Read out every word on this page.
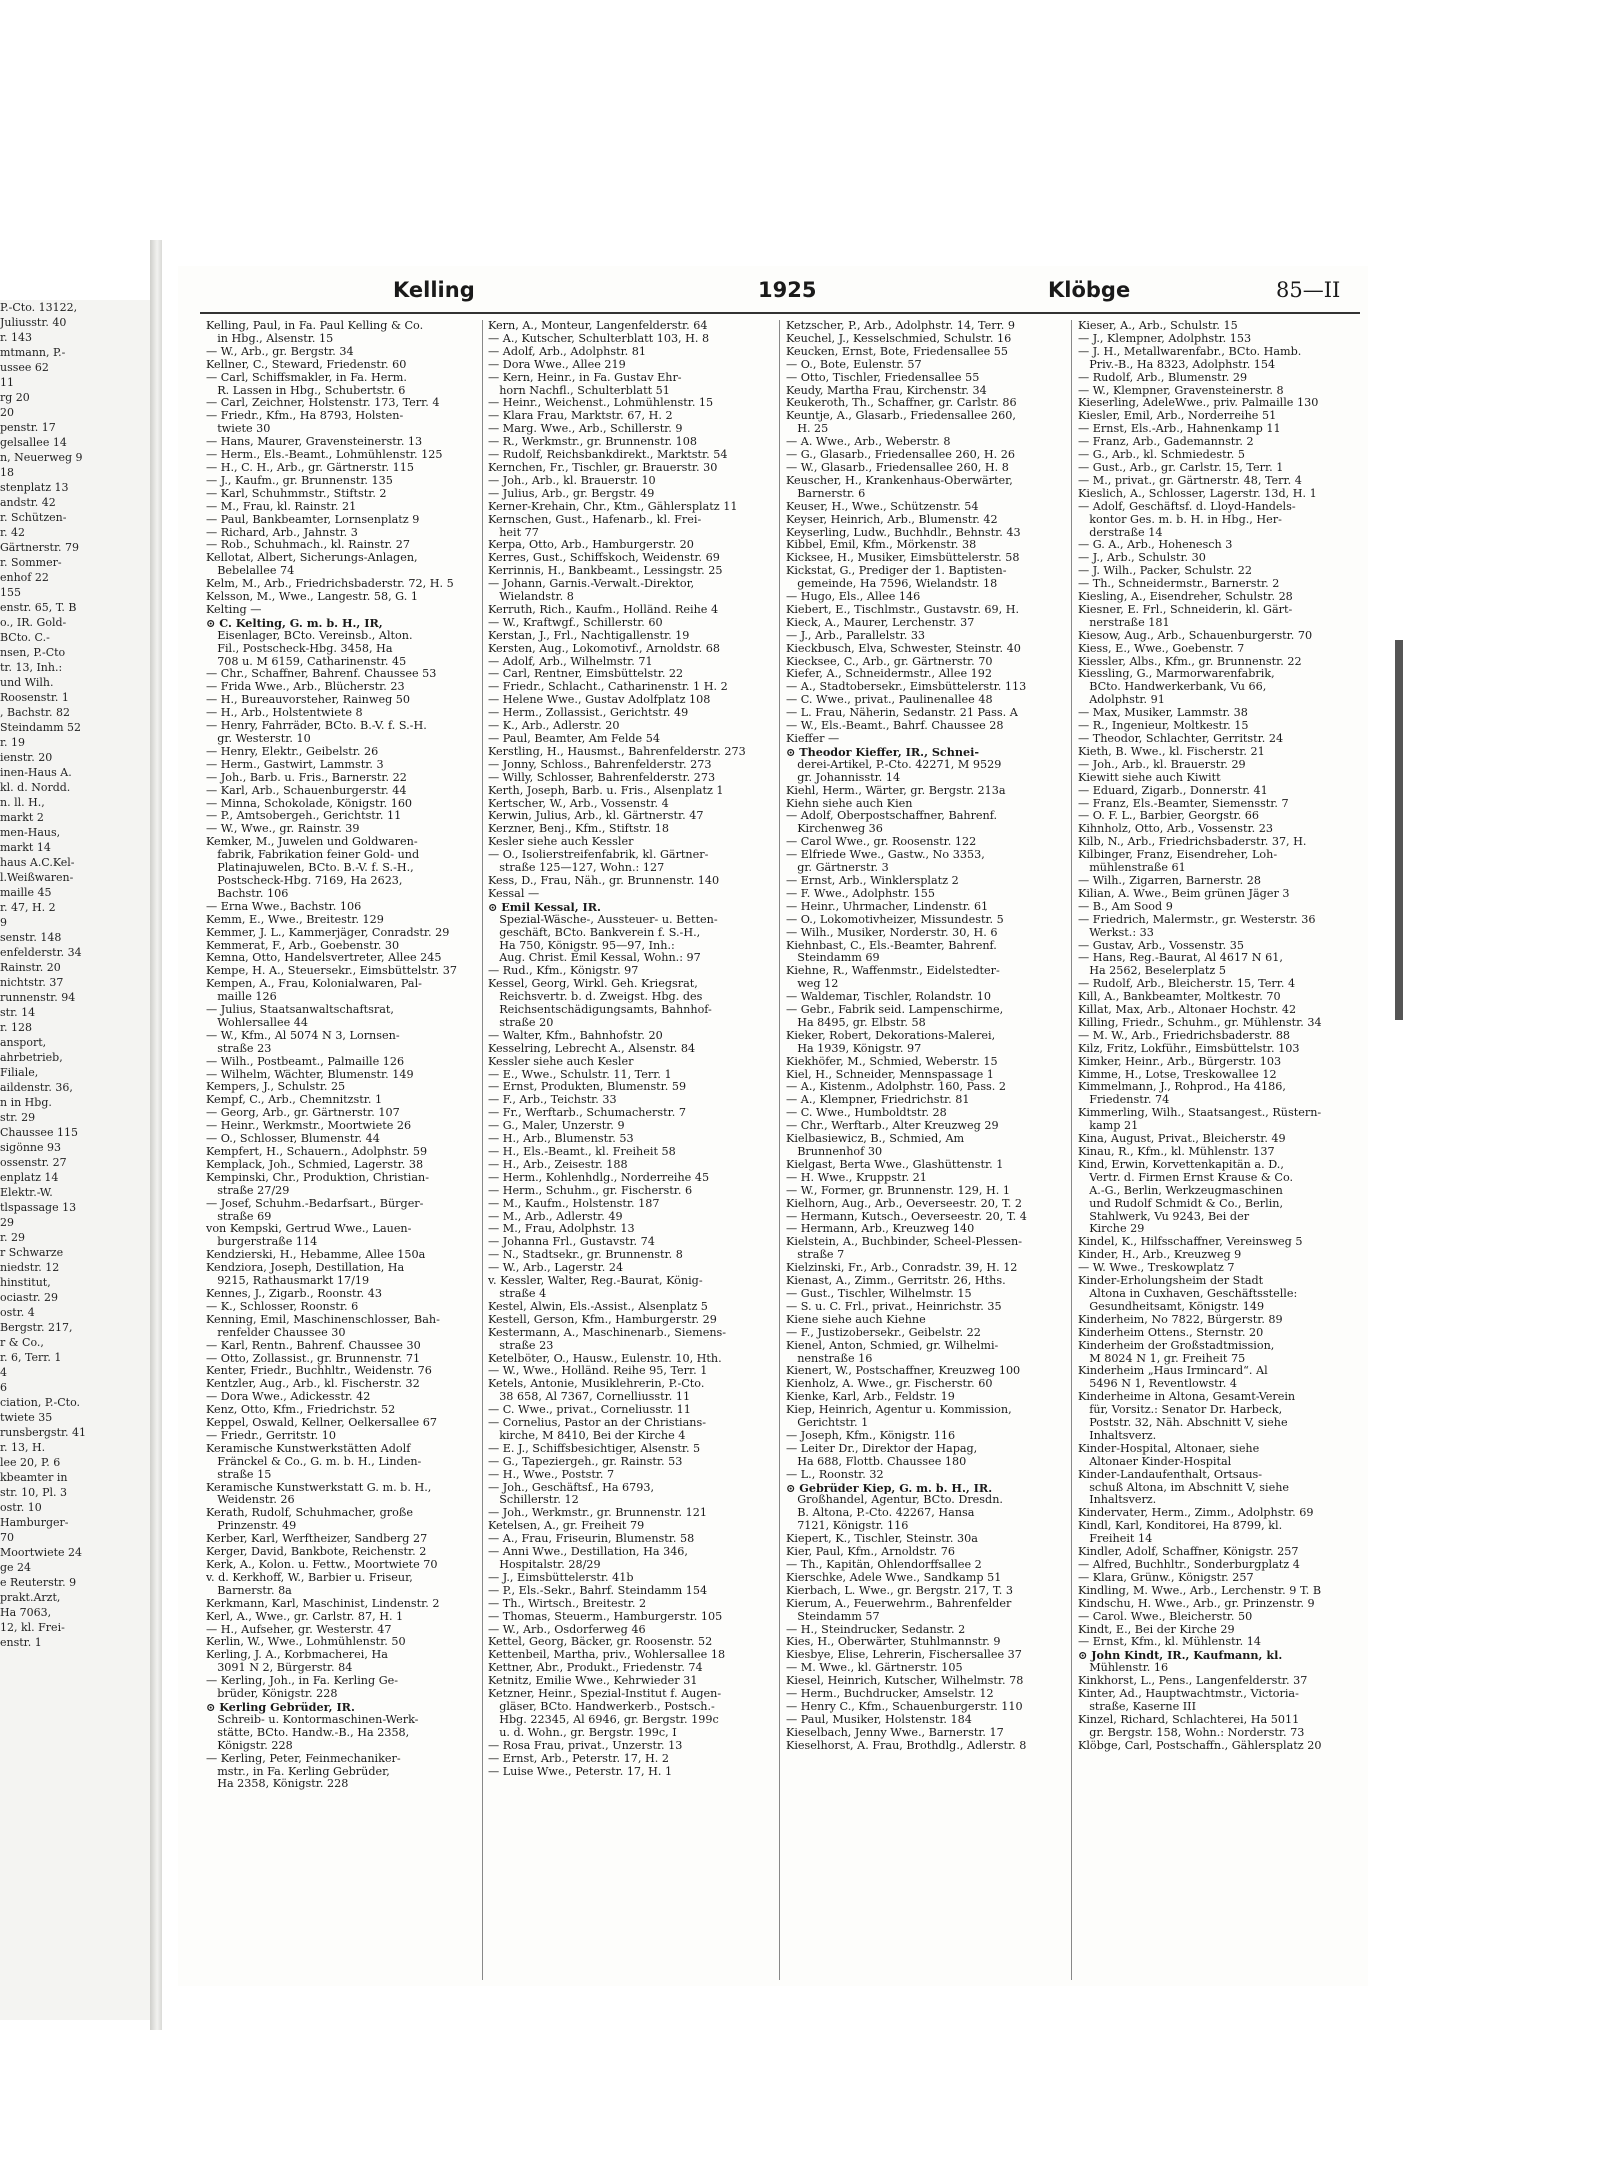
P.-Cto. 13122,
Juliusstr. 40
r. 143
mtmann, P.-
ussee 62
11
rg 20
20
penstr. 17
gelsallee 14
n, Neuerweg 9
18
stenplatz 13
andstr. 42
r. Schützen-
r. 42
Gärtnerstr. 79
r. Sommer-
enhof 22
155
enstr. 65, T. B
o., IR. Gold-
BCto. C.-
nsen, P.-Cto
tr. 13, Inh.:
und Wilh.
Roosenstr. 1
, Bachstr. 82
Steindamm 52
r. 19
ienstr. 20
inen-Haus A.
kl. d. Nordd.
n. ll. H.,
markt 2
men-Haus,
markt 14
haus A.C.Kel-
l.Weißwaren-
maille 45
r. 47, H. 2
9
senstr. 148
enfelderstr. 34
Rainstr. 20
nichtstr. 37
runnenstr. 94
str. 14
r. 128
ansport,
ahrbetrieb,
Filiale,
aildenstr. 36,
n in Hbg.
str. 29
Chaussee 115
sigönne 93
ossenstr. 27
enplatz 14
Elektr.-W.
tlspassage 13
29
r. 29
r Schwarze
niedstr. 12
hinstitut,
ociastr. 29
ostr. 4
Bergstr. 217,
r & Co.,
r. 6, Terr. 1
4
6
ciation, P.-Cto.
twiete 35
runsbergstr. 41
r. 13, H.
lee 20, P. 6
kbeamter in
str. 10, Pl. 3
ostr. 10
Hamburger-
70
Moortwiete 24
ge 24
e Reuterstr. 9
prakt.Arzt,
Ha 7063,
12, kl. Frei-
enstr. 1
Kelling	1925	Klöbge	85—II
Kelling, Paul, in Fa. Paul Kelling & Co.
 in Hbg., Alsenstr. 15
— W., Arb., gr. Bergstr. 34
Kellner, C., Steward, Friedenstr. 60
— Carl, Schiffsmakler, in Fa. Herm.
 R. Lassen in Hbg., Schubertstr. 6
— Carl, Zeichner, Holstenstr. 173, Terr. 4
— Friedr., Kfm., Ha 8793, Holsten-
 twiete 30
— Hans, Maurer, Gravensteinerstr. 13
— Herm., Els.-Beamt., Lohmühlenstr. 125
— H., C. H., Arb., gr. Gärtnerstr. 115
— J., Kaufm., gr. Brunnenstr. 135
— Karl, Schuhmmstr., Stiftstr. 2
— M., Frau, kl. Rainstr. 21
— Paul, Bankbeamter, Lornsenplatz 9
— Richard, Arb., Jahnstr. 3
— Rob., Schuhmach., kl. Rainstr. 27
Kellotat, Albert, Sicherungs-Anlagen,
 Bebelallee 74
Kelm, M., Arb., Friedrichsbaderstr. 72, H. 5
Kelsson, M., Wwe., Langestr. 58, G. 1
Kelting —
⊙ C. Kelting, G. m. b. H., IR,
 Eisenlager, BCto. Vereinsb., Alton.
 Fil., Postscheck-Hbg. 3458, Ha
 708 u. M 6159, Catharinenstr. 45
— Chr., Schaffner, Bahrenf. Chaussee 53
— Frida Wwe., Arb., Blücherstr. 23
— H., Bureauvorsteher, Rainweg 50
— H., Arb., Holstentwiete 8
— Henry, Fahrräder, BCto. B.-V. f. S.-H.
 gr. Westerstr. 10
— Henry, Elektr., Geibelstr. 26
— Herm., Gastwirt, Lammstr. 3
— Joh., Barb. u. Fris., Barnerstr. 22
— Karl, Arb., Schauenburgerstr. 44
— Minna, Schokolade, Königstr. 160
— P., Amtsobergeh., Gerichtstr. 11
— W., Wwe., gr. Rainstr. 39
Kemker, M., Juwelen und Goldwaren-
 fabrik, Fabrikation feiner Gold- und
 Platinajuwelen, BCto. B.-V. f. S.-H.,
 Postscheck-Hbg. 7169, Ha 2623,
 Bachstr. 106
— Erna Wwe., Bachstr. 106
Kemm, E., Wwe., Breitestr. 129
Kemmer, J. L., Kammerjäger, Conradstr. 29
Kemmerat, F., Arb., Goebenstr. 30
Kemna, Otto, Handelsvertreter, Allee 245
Kempe, H. A., Steuersekr., Eimsbüttelstr. 37
Kempen, A., Frau, Kolonialwaren, Pal-
 maille 126
— Julius, Staatsanwaltschaftsrat,
 Wohlersallee 44
— W., Kfm., Al 5074 N 3, Lornsen-
 straße 23
— Wilh., Postbeamt., Palmaille 126
— Wilhelm, Wächter, Blumenstr. 149
Kempers, J., Schulstr. 25
Kempf, C., Arb., Chemnitzstr. 1
— Georg, Arb., gr. Gärtnerstr. 107
— Heinr., Werkmstr., Moortwiete 26
— O., Schlosser, Blumenstr. 44
Kempfert, H., Schauern., Adolphstr. 59
Kemplack, Joh., Schmied, Lagerstr. 38
Kempinski, Chr., Produktion, Christian-
 straße 27/29
— Josef, Schuhm.-Bedarfsart., Bürger-
 straße 69
von Kempski, Gertrud Wwe., Lauen-
 burgerstraße 114
Kendzierski, H., Hebamme, Allee 150a
Kendziora, Joseph, Destillation, Ha
 9215, Rathausmarkt 17/19
Kennes, J., Zigarb., Roonstr. 43
— K., Schlosser, Roonstr. 6
Kenning, Emil, Maschinenschlosser, Bah-
 renfelder Chaussee 30
— Karl, Rentn., Bahrenf. Chaussee 30
— Otto, Zollassist., gr. Brunnenstr. 71
Kenter, Friedr., Buchhltr., Weidenstr. 76
Kentzler, Aug., Arb., kl. Fischerstr. 32
— Dora Wwe., Adickesstr. 42
Kenz, Otto, Kfm., Friedrichstr. 52
Keppel, Oswald, Kellner, Oelkersallee 67
— Friedr., Gerritstr. 10
Keramische Kunstwerkstätten Adolf
 Fränckel & Co., G. m. b. H., Linden-
 straße 15
Keramische Kunstwerkstatt G. m. b. H.,
 Weidenstr. 26
Kerath, Rudolf, Schuhmacher, große
 Prinzenstr. 49
Kerber, Karl, Werftheizer, Sandberg 27
Kerger, David, Bankbote, Reichenstr. 2
Kerk, A., Kolon. u. Fettw., Moortwiete 70
v. d. Kerkhoff, W., Barbier u. Friseur,
 Barnerstr. 8a
Kerkmann, Karl, Maschinist, Lindenstr. 2
Kerl, A., Wwe., gr. Carlstr. 87, H. 1
— H., Aufseher, gr. Westerstr. 47
Kerlin, W., Wwe., Lohmühlenstr. 50
Kerling, J. A., Korbmacherei, Ha
 3091 N 2, Bürgerstr. 84
— Kerling, Joh., in Fa. Kerling Ge-
 brüder, Königstr. 228
⊙ Kerling Gebrüder, IR.
 Schreib- u. Kontormaschinen-Werk-
 stätte, BCto. Handw.-B., Ha 2358,
 Königstr. 228
— Kerling, Peter, Feinmechaniker-
 mstr., in Fa. Kerling Gebrüder,
 Ha 2358, Königstr. 228
Kern, A., Monteur, Langenfelderstr. 64
— A., Kutscher, Schulterblatt 103, H. 8
— Adolf, Arb., Adolphstr. 81
— Dora Wwe., Allee 219
— Kern, Heinr., in Fa. Gustav Ehr-
 horn Nachfl., Schulterblatt 51
— Heinr., Weichenst., Lohmühlenstr. 15
— Klara Frau, Marktstr. 67, H. 2
— Marg. Wwe., Arb., Schillerstr. 9
— R., Werkmstr., gr. Brunnenstr. 108
— Rudolf, Reichsbankdirekt., Marktstr. 54
Kernchen, Fr., Tischler, gr. Brauerstr. 30
— Joh., Arb., kl. Brauerstr. 10
— Julius, Arb., gr. Bergstr. 49
Kerner-Krehain, Chr., Ktm., Gählersplatz 11
Kernschen, Gust., Hafenarb., kl. Frei-
 heit 77
Kerpa, Otto, Arb., Hamburgerstr. 20
Kerres, Gust., Schiffskoch, Weidenstr. 69
Kerrinnis, H., Bankbeamt., Lessingstr. 25
— Johann, Garnis.-Verwalt.-Direktor,
 Wielandstr. 8
Kerruth, Rich., Kaufm., Holländ. Reihe 4
— W., Kraftwgf., Schillerstr. 60
Kerstan, J., Frl., Nachtigallenstr. 19
Kersten, Aug., Lokomotivf., Arnoldstr. 68
— Adolf, Arb., Wilhelmstr. 71
— Carl, Rentner, Eimsbüttelstr. 22
— Friedr., Schlacht., Catharinenstr. 1 H. 2
— Helene Wwe., Gustav Adolfplatz 108
— Herm., Zollassist., Gerichtstr. 49
— K., Arb., Adlerstr. 20
— Paul, Beamter, Am Felde 54
Kerstling, H., Hausmst., Bahrenfelderstr. 273
— Jonny, Schloss., Bahrenfelderstr. 273
— Willy, Schlosser, Bahrenfelderstr. 273
Kerth, Joseph, Barb. u. Fris., Alsenplatz 1
Kertscher, W., Arb., Vossenstr. 4
Kerwin, Julius, Arb., kl. Gärtnerstr. 47
Kerzner, Benj., Kfm., Stiftstr. 18
Kesler siehe auch Kessler
— O., Isolierstreifenfabrik, kl. Gärtner-
 straße 125—127, Wohn.: 127
Kess, D., Frau, Näh., gr. Brunnenstr. 140
Kessal —
⊙ Emil Kessal, IR.
 Spezial-Wäsche-, Aussteuer- u. Betten-
 geschäft, BCto. Bankverein f. S.-H.,
 Ha 750, Königstr. 95—97, Inh.:
 Aug. Christ. Emil Kessal, Wohn.: 97
— Rud., Kfm., Königstr. 97
Kessel, Georg, Wirkl. Geh. Kriegsrat,
 Reichsvertr. b. d. Zweigst. Hbg. des
 Reichsentschädigungsamts, Bahnhof-
 straße 20
— Walter, Kfm., Bahnhofstr. 20
Kesselring, Lebrecht A., Alsenstr. 84
Kessler siehe auch Kesler
— E., Wwe., Schulstr. 11, Terr. 1
— Ernst, Produkten, Blumenstr. 59
— F., Arb., Teichstr. 33
— Fr., Werftarb., Schumacherstr. 7
— G., Maler, Unzerstr. 9
— H., Arb., Blumenstr. 53
— H., Els.-Beamt., kl. Freiheit 58
— H., Arb., Zeisestr. 188
— Herm., Kohlenhdlg., Norderreihe 45
— Herm., Schuhm., gr. Fischerstr. 6
— M., Kaufm., Holstenstr. 187
— M., Arb., Adlerstr. 49
— M., Frau, Adolphstr. 13
— Johanna Frl., Gustavstr. 74
— N., Stadtsekr., gr. Brunnenstr. 8
— W., Arb., Lagerstr. 24
v. Kessler, Walter, Reg.-Baurat, König-
 straße 4
Kestel, Alwin, Els.-Assist., Alsenplatz 5
Kestell, Gerson, Kfm., Hamburgerstr. 29
Kestermann, A., Maschinenarb., Siemens-
 straße 23
Ketelböter, O., Hausw., Eulenstr. 10, Hth.
— W., Wwe., Holländ. Reihe 95, Terr. 1
Ketels, Antonie, Musiklehrerin, P.-Cto.
 38 658, Al 7367, Cornelliusstr. 11
— C. Wwe., privat., Corneliusstr. 11
— Cornelius, Pastor an der Christians-
 kirche, M 8410, Bei der Kirche 4
— E. J., Schiffsbesichtiger, Alsenstr. 5
— G., Tapeziergeh., gr. Rainstr. 53
— H., Wwe., Poststr. 7
— Joh., Geschäftsf., Ha 6793,
 Schillerstr. 12
— Joh., Werkmstr., gr. Brunnenstr. 121
Ketelsen, A., gr. Freiheit 79
— A., Frau, Friseurin, Blumenstr. 58
— Anni Wwe., Destillation, Ha 346,
 Hospitalstr. 28/29
— J., Eimsbüttelerstr. 41b
— P., Els.-Sekr., Bahrf. Steindamm 154
— Th., Wirtsch., Breitestr. 2
— Thomas, Steuerm., Hamburgerstr. 105
— W., Arb., Osdorferweg 46
Kettel, Georg, Bäcker, gr. Roosenstr. 52
Kettenbeil, Martha, priv., Wohlersallee 18
Kettner, Abr., Produkt., Friedenstr. 74
Ketnitz, Emilie Wwe., Kehrwieder 31
Ketzner, Heinr., Spezial-Institut f. Augen-
 gläser, BCto. Handwerkerb., Postsch.-
 Hbg. 22345, Al 6946, gr. Bergstr. 199c
 u. d. Wohn., gr. Bergstr. 199c, I
— Rosa Frau, privat., Unzerstr. 13
— Ernst, Arb., Peterstr. 17, H. 2
— Luise Wwe., Peterstr. 17, H. 1
Ketzscher, P., Arb., Adolphstr. 14, Terr. 9
Keuchel, J., Kesselschmied, Schulstr. 16
Keucken, Ernst, Bote, Friedensallee 55
— O., Bote, Eulenstr. 57
— Otto, Tischler, Friedensallee 55
Keudy, Martha Frau, Kirchenstr. 34
Keukeroth, Th., Schaffner, gr. Carlstr. 86
Keuntje, A., Glasarb., Friedensallee 260,
 H. 25
— A. Wwe., Arb., Weberstr. 8
— G., Glasarb., Friedensallee 260, H. 26
— W., Glasarb., Friedensallee 260, H. 8
Keuscher, H., Krankenhaus-Oberwärter,
 Barnerstr. 6
Keuser, H., Wwe., Schützenstr. 54
Keyser, Heinrich, Arb., Blumenstr. 42
Keyserling, Ludw., Buchhdlr., Behnstr. 43
Kibbel, Emil, Kfm., Mörkenstr. 38
Kicksee, H., Musiker, Eimsbüttelerstr. 58
Kickstat, G., Prediger der 1. Baptisten-
 gemeinde, Ha 7596, Wielandstr. 18
— Hugo, Els., Allee 146
Kiebert, E., Tischlmstr., Gustavstr. 69, H.
Kieck, A., Maurer, Lerchenstr. 37
— J., Arb., Parallelstr. 33
Kieckbusch, Elva, Schwester, Steinstr. 40
Kiecksee, C., Arb., gr. Gärtnerstr. 70
Kiefer, A., Schneidermstr., Allee 192
— A., Stadtobersekr., Eimsbüttelerstr. 113
— C. Wwe., privat., Paulinenallee 48
— L. Frau, Näherin, Sedanstr. 21 Pass. A
— W., Els.-Beamt., Bahrf. Chaussee 28
Kieffer —
⊙ Theodor Kieffer, IR., Schnei-
 derei-Artikel, P.-Cto. 42271, M 9529
 gr. Johannisstr. 14
Kiehl, Herm., Wärter, gr. Bergstr. 213a
Kiehn siehe auch Kien
— Adolf, Oberpostschaffner, Bahrenf.
 Kirchenweg 36
— Carol Wwe., gr. Roosenstr. 122
— Elfriede Wwe., Gastw., No 3353,
 gr. Gärtnerstr. 3
— Ernst, Arb., Winklersplatz 2
— F. Wwe., Adolphstr. 155
— Heinr., Uhrmacher, Lindenstr. 61
— O., Lokomotivheizer, Missundestr. 5
— Wilh., Musiker, Norderstr. 30, H. 6
Kiehnbast, C., Els.-Beamter, Bahrenf.
 Steindamm 69
Kiehne, R., Waffenmstr., Eidelstedter-
 weg 12
— Waldemar, Tischler, Rolandstr. 10
— Gebr., Fabrik seid. Lampenschirme,
 Ha 8495, gr. Elbstr. 58
Kieker, Robert, Dekorations-Malerei,
 Ha 1939, Königstr. 97
Kiekhöfer, M., Schmied, Weberstr. 15
Kiel, H., Schneider, Mennspassage 1
— A., Kistenm., Adolphstr. 160, Pass. 2
— A., Klempner, Friedrichstr. 81
— C. Wwe., Humboldtstr. 28
— Chr., Werftarb., Alter Kreuzweg 29
Kielbasiewicz, B., Schmied, Am
 Brunnenhof 30
Kielgast, Berta Wwe., Glashüttenstr. 1
— H. Wwe., Kruppstr. 21
— W., Former, gr. Brunnenstr. 129, H. 1
Kielhorn, Aug., Arb., Oeverseestr. 20, T. 2
— Hermann, Kutsch., Oeverseestr. 20, T. 4
— Hermann, Arb., Kreuzweg 140
Kielstein, A., Buchbinder, Scheel-Plessen-
 straße 7
Kielzinski, Fr., Arb., Conradstr. 39, H. 12
Kienast, A., Zimm., Gerritstr. 26, Hths.
— Gust., Tischler, Wilhelmstr. 15
— S. u. C. Frl., privat., Heinrichstr. 35
Kiene siehe auch Kiehne
— F., Justizobersekr., Geibelstr. 22
Kienel, Anton, Schmied, gr. Wilhelmi-
 nenstraße 16
Kienert, W., Postschaffner, Kreuzweg 100
Kienholz, A. Wwe., gr. Fischerstr. 60
Kienke, Karl, Arb., Feldstr. 19
Kiep, Heinrich, Agentur u. Kommission,
 Gerichtstr. 1
— Joseph, Kfm., Königstr. 116
— Leiter Dr., Direktor der Hapag,
 Ha 688, Flottb. Chaussee 180
— L., Roonstr. 32
⊙ Gebrüder Kiep, G. m. b. H., IR.
 Großhandel, Agentur, BCto. Dresdn.
 B. Altona, P.-Cto. 42267, Hansa
 7121, Königstr. 116
Kiepert, K., Tischler, Steinstr. 30a
Kier, Paul, Kfm., Arnoldstr. 76
— Th., Kapitän, Ohlendorffsallee 2
Kierschke, Adele Wwe., Sandkamp 51
Kierbach, L. Wwe., gr. Bergstr. 217, T. 3
Kierum, A., Feuerwehrm., Bahrenfelder
 Steindamm 57
— H., Steindrucker, Sedanstr. 2
Kies, H., Oberwärter, Stuhlmannstr. 9
Kiesbye, Elise, Lehrerin, Fischersallee 37
— M. Wwe., kl. Gärtnerstr. 105
Kiesel, Heinrich, Kutscher, Wilhelmstr. 78
— Herm., Buchdrucker, Amselstr. 12
— Henry C., Kfm., Schauenburgerstr. 110
— Paul, Musiker, Holstenstr. 184
Kieselbach, Jenny Wwe., Barnerstr. 17
Kieselhorst, A. Frau, Brothdlg., Adlerstr. 8
Kieser, A., Arb., Schulstr. 15
— J., Klempner, Adolphstr. 153
— J. H., Metallwarenfabr., BCto. Hamb.
 Priv.-B., Ha 8323, Adolphstr. 154
— Rudolf, Arb., Blumenstr. 29
— W., Klempner, Gravensteinerstr. 8
Kieserling, AdeleWwe., priv. Palmaille 130
Kiesler, Emil, Arb., Norderreihe 51
— Ernst, Els.-Arb., Hahnenkamp 11
— Franz, Arb., Gademannstr. 2
— G., Arb., kl. Schmiedestr. 5
— Gust., Arb., gr. Carlstr. 15, Terr. 1
— M., privat., gr. Gärtnerstr. 48, Terr. 4
Kieslich, A., Schlosser, Lagerstr. 13d, H. 1
— Adolf, Geschäftsf. d. Lloyd-Handels-
 kontor Ges. m. b. H. in Hbg., Her-
 derstraße 14
— G. A., Arb., Hohenesch 3
— J., Arb., Schulstr. 30
— J. Wilh., Packer, Schulstr. 22
— Th., Schneidermstr., Barnerstr. 2
Kiesling, A., Eisendreher, Schulstr. 28
Kiesner, E. Frl., Schneiderin, kl. Gärt-
 nerstraße 181
Kiesow, Aug., Arb., Schauenburgerstr. 70
Kiess, E., Wwe., Goebenstr. 7
Kiessler, Albs., Kfm., gr. Brunnenstr. 22
Kiessling, G., Marmorwarenfabrik,
 BCto. Handwerkerbank, Vu 66,
 Adolphstr. 91
— Max, Musiker, Lammstr. 38
— R., Ingenieur, Moltkestr. 15
— Theodor, Schlachter, Gerritstr. 24
Kieth, B. Wwe., kl. Fischerstr. 21
— Joh., Arb., kl. Brauerstr. 29
Kiewitt siehe auch Kiwitt
— Eduard, Zigarb., Donnerstr. 41
— Franz, Els.-Beamter, Siemensstr. 7
— O. F. L., Barbier, Georgstr. 66
Kihnholz, Otto, Arb., Vossenstr. 23
Kilb, N., Arb., Friedrichsbaderstr. 37, H.
Kilbinger, Franz, Eisendreher, Loh-
 mühlenstraße 61
— Wilh., Zigarren, Barnerstr. 28
Kilian, A. Wwe., Beim grünen Jäger 3
— B., Am Sood 9
— Friedrich, Malermstr., gr. Westerstr. 36
 Werkst.: 33
— Gustav, Arb., Vossenstr. 35
— Hans, Reg.-Baurat, Al 4617 N 61,
 Ha 2562, Beselerplatz 5
— Rudolf, Arb., Bleicherstr. 15, Terr. 4
Kill, A., Bankbeamter, Moltkestr. 70
Killat, Max, Arb., Altonaer Hochstr. 42
Killing, Friedr., Schuhm., gr. Mühlenstr. 34
— M. W., Arb., Friedrichsbaderstr. 88
Kilz, Fritz, Lokführ., Eimsbüttelstr. 103
Kimker, Heinr., Arb., Bürgerstr. 103
Kimme, H., Lotse, Treskowallee 12
Kimmelmann, J., Rohprod., Ha 4186,
 Friedenstr. 74
Kimmerling, Wilh., Staatsangest., Rüstern-
 kamp 21
Kina, August, Privat., Bleicherstr. 49
Kinau, R., Kfm., kl. Mühlenstr. 137
Kind, Erwin, Korvettenkapitän a. D.,
 Vertr. d. Firmen Ernst Krause & Co.
 A.-G., Berlin, Werkzeugmaschinen
 und Rudolf Schmidt & Co., Berlin,
 Stahlwerk, Vu 9243, Bei der
 Kirche 29
Kindel, K., Hilfsschaffner, Vereinsweg 5
Kinder, H., Arb., Kreuzweg 9
— W. Wwe., Treskowplatz 7
Kinder-Erholungsheim der Stadt
 Altona in Cuxhaven, Geschäftsstelle:
 Gesundheitsamt, Königstr. 149
Kinderheim, No 7822, Bürgerstr. 89
Kinderheim Ottens., Sternstr. 20
Kinderheim der Großstadtmission,
 M 8024 N 1, gr. Freiheit 75
Kinderheim „Haus Irmincard“. Al
 5496 N 1, Reventlowstr. 4
Kinderheime in Altona, Gesamt-Verein
 für, Vorsitz.: Senator Dr. Harbeck,
 Poststr. 32, Näh. Abschnitt V, siehe
 Inhaltsverz.
Kinder-Hospital, Altonaer, siehe
 Altonaer Kinder-Hospital
Kinder-Landaufenthalt, Ortsaus-
 schuß Altona, im Abschnitt V, siehe
 Inhaltsverz.
Kindervater, Herm., Zimm., Adolphstr. 69
Kindl, Karl, Konditorei, Ha 8799, kl.
 Freiheit 14
Kindler, Adolf, Schaffner, Königstr. 257
— Alfred, Buchhltr., Sonderburgplatz 4
— Klara, Grünw., Königstr. 257
Kindling, M. Wwe., Arb., Lerchenstr. 9 T. B
Kindschu, H. Wwe., Arb., gr. Prinzenstr. 9
— Carol. Wwe., Bleicherstr. 50
Kindt, E., Bei der Kirche 29
— Ernst, Kfm., kl. Mühlenstr. 14
⊙ John Kindt, IR., Kaufmann, kl.
 Mühlenstr. 16
Kinkhorst, L., Pens., Langenfelderstr. 37
Kinter, Ad., Hauptwachtmstr., Victoria-
 straße, Kaserne III
Kinzel, Richard, Schlachterei, Ha 5011
 gr. Bergstr. 158, Wohn.: Norderstr. 73
Klöbge, Carl, Postschaffn., Gählersplatz 20
